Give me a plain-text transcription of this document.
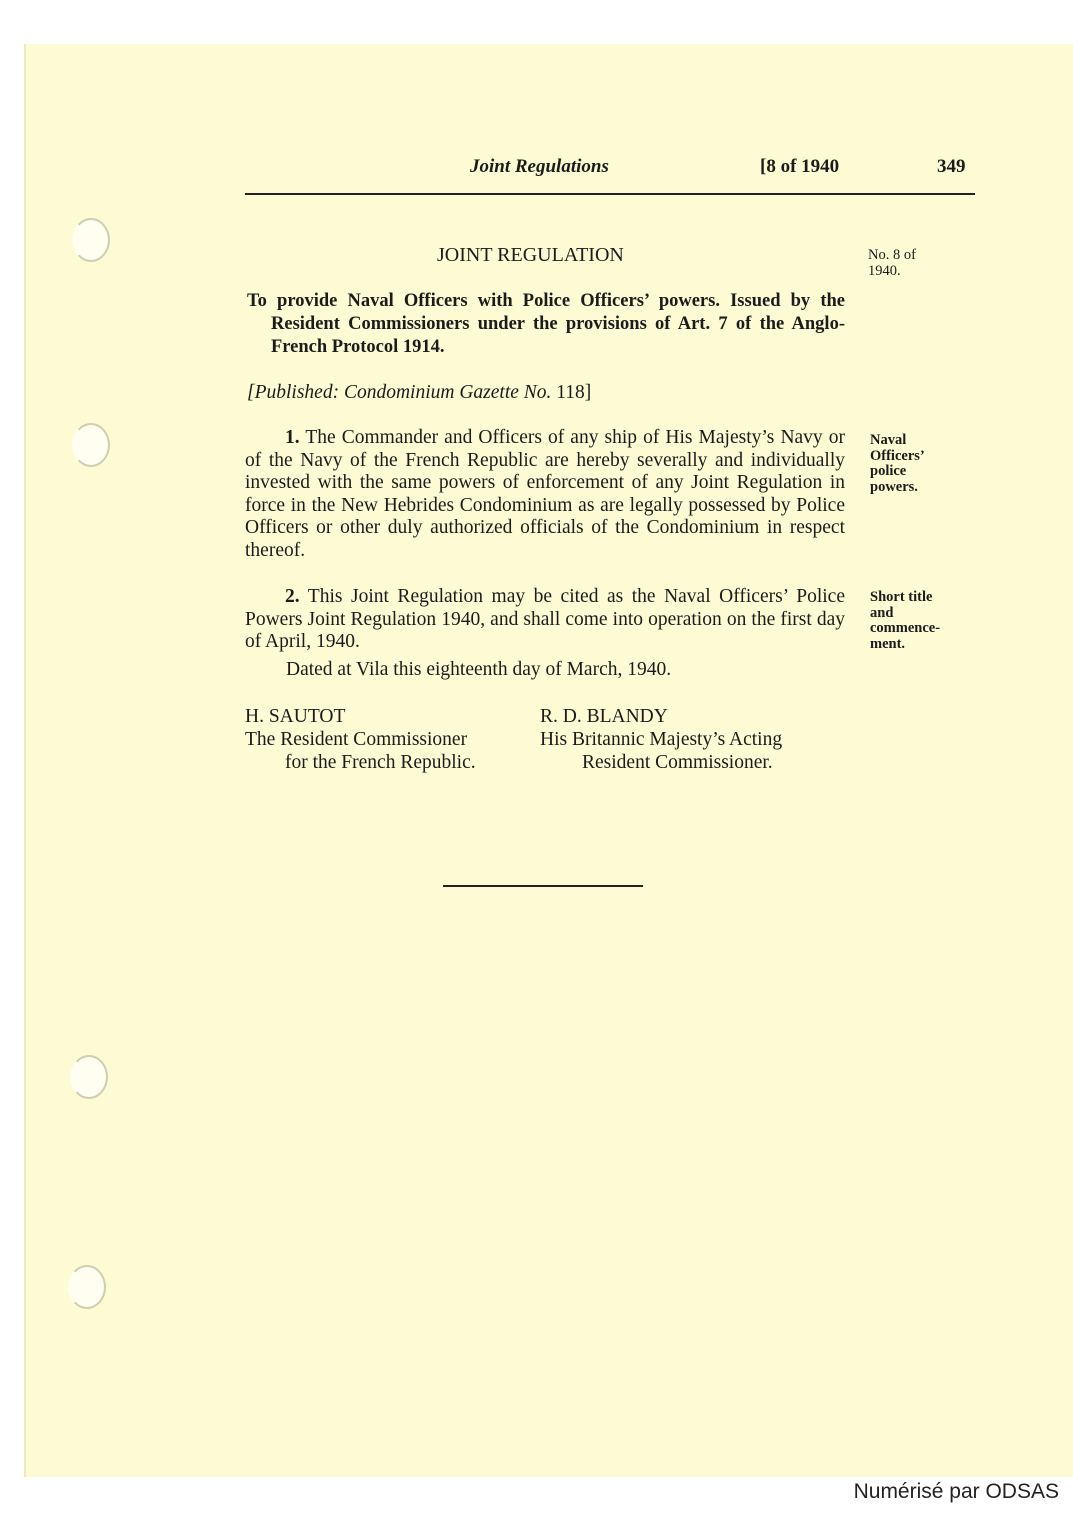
Joint Regulations	[8 of 1940	349
JOINT REGULATION	No. 8 of
1940.
To provide Naval Officers with Police Officers’ powers. Issued by the Resident Commissioners under the provisions of Art. 7 of the Anglo-French Protocol 1914.
[Published: Condominium Gazette No. 118]
1. The Commander and Officers of any ship of His Majesty’s Navy or of the Navy of the French Republic are hereby severally and individually invested with the same powers of enforcement of any Joint Regulation in force in the New Hebrides Condominium as are legally possessed by Police Officers or other duly authorized officials of the Condominium in respect thereof.
Naval
Officers’
police
powers.
2. This Joint Regulation may be cited as the Naval Officers’ Police Powers Joint Regulation 1940, and shall come into operation on the first day of April, 1940.
Short title
and
commence-
ment.
Dated at Vila this eighteenth day of March, 1940.
H. SAUTOT
The Resident Commissioner
for the French Republic.
R. D. BLANDY
His Britannic Majesty’s Acting
Resident Commissioner.
Numérisé par ODSAS
